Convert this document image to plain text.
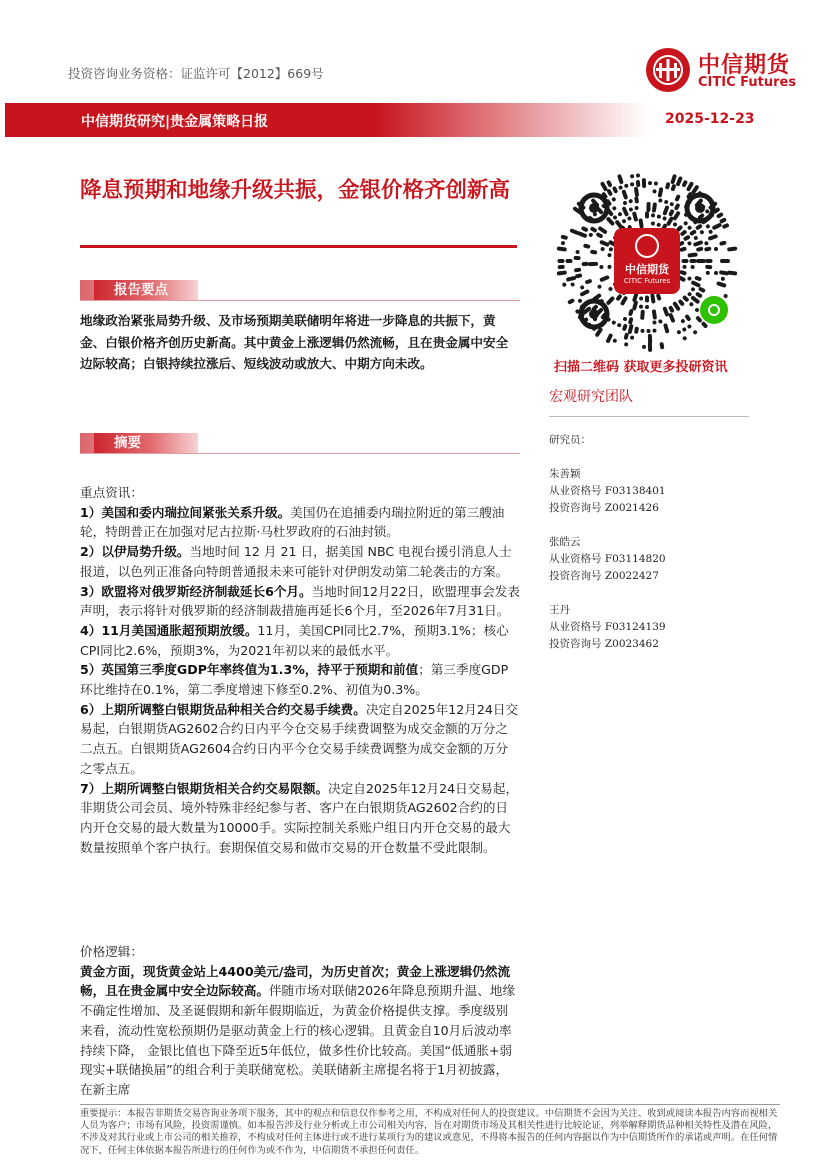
投资咨询业务资格：证监许可【2012】669号	中信期货
CITIC Futures
中信期货研究|贵金属策略日报	2025-12-23
降息预期和地缘升级共振，金银价格齐创新高
报告要点
地缘政治紧张局势升级、及市场预期美联储明年将进一步降息的共振下，黄金、白银价格齐创历史新高。其中黄金上涨逻辑仍然流畅，且在贵金属中安全边际较高；白银持续拉涨后、短线波动或放大、中期方向未改。
摘要

重点资讯：

1）美国和委内瑞拉间紧张关系升级。美国仍在追捕委内瑞拉附近的第三艘油轮，特朗普正在加强对尼古拉斯·马杜罗政府的石油封锁。

2）以伊局势升级。当地时间 12 月 21 日，据美国 NBC 电视台援引消息人士报道，以色列正准备向特朗普通报未来可能针对伊朗发动第二轮袭击的方案。

3）欧盟将对俄罗斯经济制裁延长6个月。当地时间12月22日，欧盟理事会发表声明，表示将针对俄罗斯的经济制裁措施再延长6个月，至2026年7月31日。

4）11月美国通胀超预期放缓。11月，美国CPI同比2.7%，预期3.1%；核心CPI同比2.6%，预期3%，为2021年初以来的最低水平。

5）英国第三季度GDP年率终值为1.3%，持平于预期和前值；第三季度GDP环比维持在0.1%，第二季度增速下修至0.2%、初值为0.3%。

6）上期所调整白银期货品种相关合约交易手续费。决定自2025年12月24日交易起，白银期货AG2602合约日内平今仓交易手续费调整为成交金额的万分之二点五。白银期货AG2604合约日内平今仓交易手续费调整为成交金额的万分之零点五。

7）上期所调整白银期货相关合约交易限额。决定自2025年12月24日交易起，非期货公司会员、境外特殊非经纪参与者、客户在白银期货AG2602合约的日内开仓交易的最大数量为10000手。实际控制关系账户组日内开仓交易的最大数量按照单个客户执行。套期保值交易和做市交易的开仓数量不受此限制。

价格逻辑：

黄金方面，现货黄金站上4400美元/盎司，为历史首次；黄金上涨逻辑仍然流畅，且在贵金属中安全边际较高。伴随市场对联储2026年降息预期升温、地缘不确定性增加、及圣诞假期和新年假期临近，为黄金价格提供支撑。季度级别来看，流动性宽松预期仍是驱动黄金上行的核心逻辑。且黄金自10月后波动率持续下降， 金银比值也下降至近5年低位，做多性价比较高。美国“低通胀+弱现实+联储换届”的组合利于美联储宽松。美联储新主席提名将于1月初披露，在新主席

中信期货
CITIC Futures
扫描二维码 获取更多投研资讯
宏观研究团队
研究员：
朱善颖
从业资格号 F03138401
投资咨询号 Z0021426
张皓云
从业资格号 F03114820
投资咨询号 Z0022427
王丹
从业资格号 F03124139
投资咨询号 Z0023462
重要提示：本报告非期货交易咨询业务项下服务，其中的观点和信息仅作参考之用，不构成对任何人的投资建议。中信期货不会因为关注、收到或阅读本报告内容而视相关人员为客户；市场有风险，投资需谨慎。如本报告涉及行业分析或上市公司相关内容，旨在对期货市场及其相关性进行比较论证，列举解释期货品种相关特性及潜在风险，不涉及对其行业或上市公司的相关推荐，不构成对任何主体进行或不进行某项行为的建议或意见，不得将本报告的任何内容据以作为中信期货所作的承诺或声明。在任何情况下，任何主体依据本报告所进行的任何作为或不作为，中信期货不承担任何责任。
